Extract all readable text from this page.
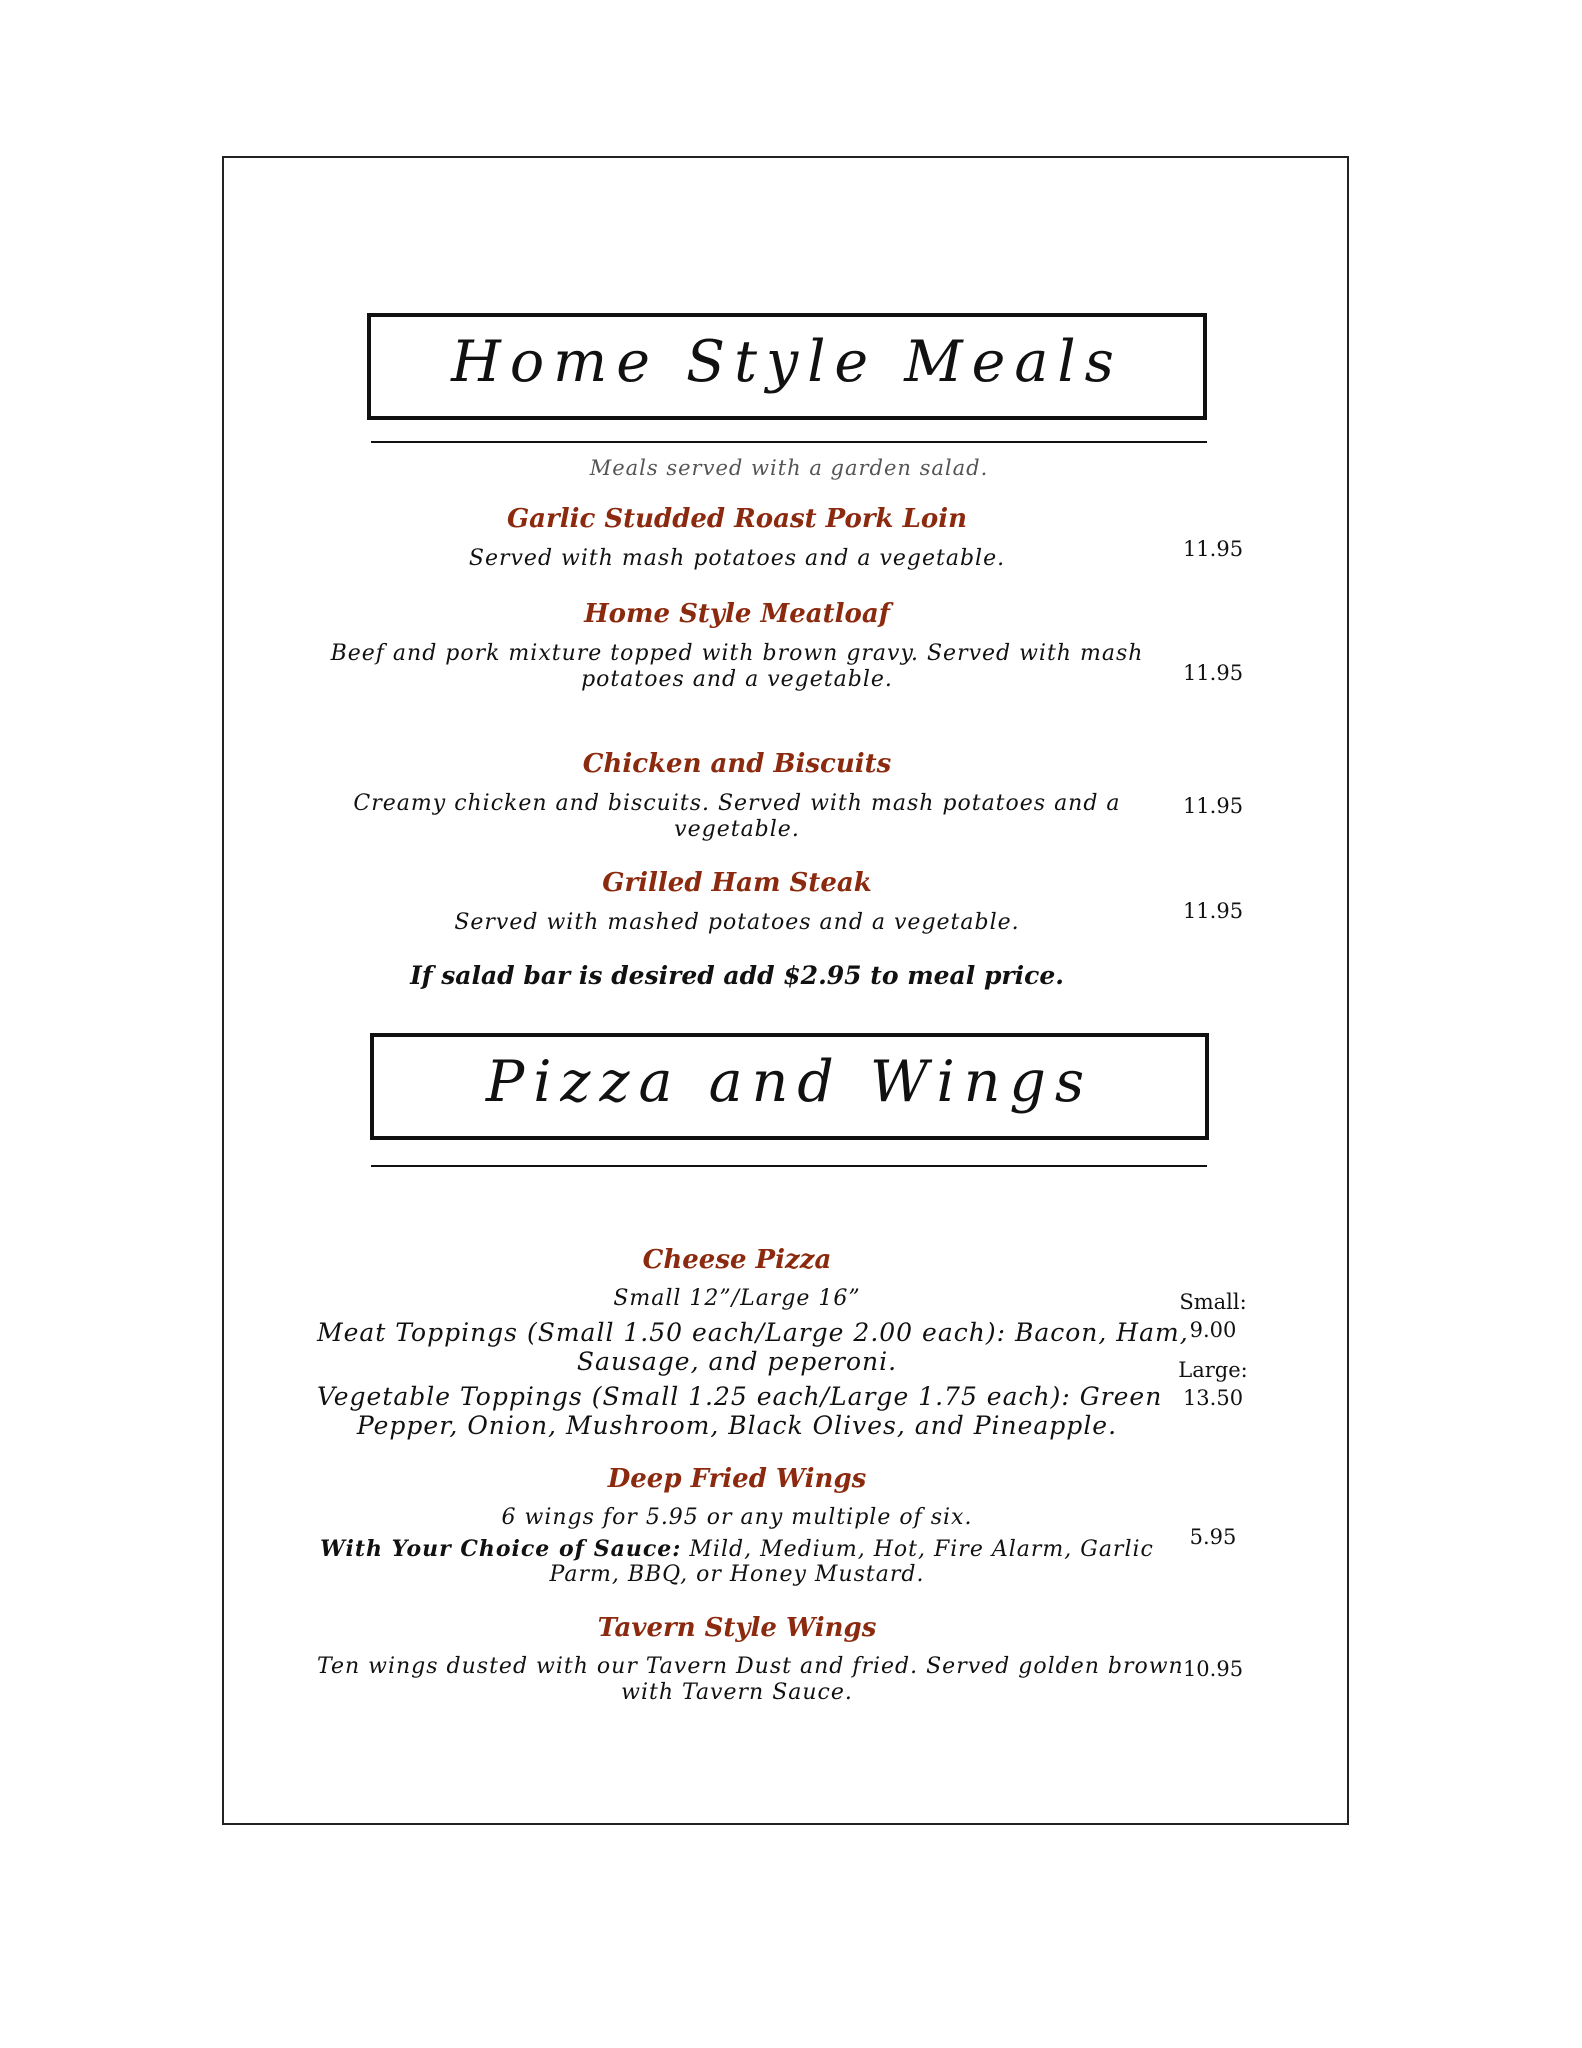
Home Style Meals
Meals served with a garden salad.
Garlic Studded Roast Pork Loin
Served with mash potatoes and a vegetable.	11.95
Home Style Meatloaf
Beef and pork mixture topped with brown gravy. Served with mash
potatoes and a vegetable.	11.95
Chicken and Biscuits
Creamy chicken and biscuits. Served with mash potatoes and a
vegetable.
11.95
Grilled Ham Steak
Served with mashed potatoes and a vegetable.	11.95
If salad bar is desired add $2.95 to meal price.
Pizza and Wings
Cheese Pizza
Small 12”/Large 16”
Meat Toppings (Small 1.50 each/Large 2.00 each): Bacon, Ham,
Sausage, and peperoni.
Vegetable Toppings (Small 1.25 each/Large 1.75 each): Green
Pepper, Onion, Mushroom, Black Olives, and Pineapple.
Small:
9.00
Large:
13.50
Deep Fried Wings
6 wings for 5.95 or any multiple of six.
With Your Choice of Sauce: Mild, Medium, Hot, Fire Alarm, Garlic
Parm, BBQ, or Honey Mustard.
5.95
Tavern Style Wings
Ten wings dusted with our Tavern Dust and fried. Served golden brown
with Tavern Sauce.
10.95
